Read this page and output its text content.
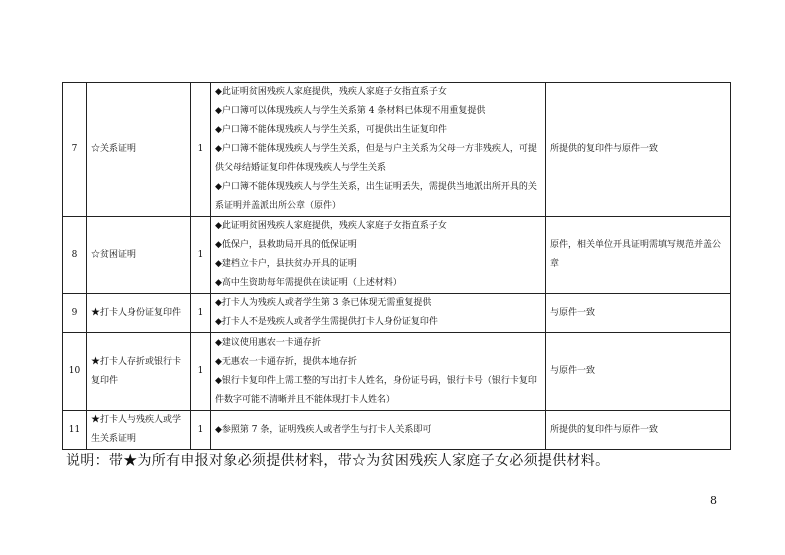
7	☆关系证明	1	◆此证明贫困残疾人家庭提供，残疾人家庭子女指直系子女
◆户口簿可以体现残疾人与学生关系第 4 条材料已体现不用重复提供
◆户口簿不能体现残疾人与学生关系，可提供出生证复印件
◆户口簿不能体现残疾人与学生关系，但是与户主关系为父母一方非残疾人，可提供父母结婚证复印件体现残疾人与学生关系
◆户口簿不能体现残疾人与学生关系，出生证明丢失，需提供当地派出所开具的关系证明并盖派出所公章（原件）	所提供的复印件与原件一致
8	☆贫困证明	1	◆此证明贫困残疾人家庭提供，残疾人家庭子女指直系子女
◆低保户，县救助局开具的低保证明
◆建档立卡户，县扶贫办开具的证明
◆高中生资助每年需提供在读证明（上述材料）	原件，相关单位开具证明需填写规范并盖公章
9	★打卡人身份证复印件	1	◆打卡人为残疾人或者学生第 3 条已体现无需重复提供
◆打卡人不是残疾人或者学生需提供打卡人身份证复印件	与原件一致
10	★打卡人存折或银行卡复印件	1	◆建议使用惠农一卡通存折
◆无惠农一卡通存折，提供本地存折
◆银行卡复印件上需工整的写出打卡人姓名，身份证号码，银行卡号（银行卡复印件数字可能不清晰并且不能体现打卡人姓名）	与原件一致
11	★打卡人与残疾人或学生关系证明	1	◆参照第 7 条，证明残疾人或者学生与打卡人关系即可	所提供的复印件与原件一致
说明：带★为所有申报对象必须提供材料，带☆为贫困残疾人家庭子女必须提供材料。
8
